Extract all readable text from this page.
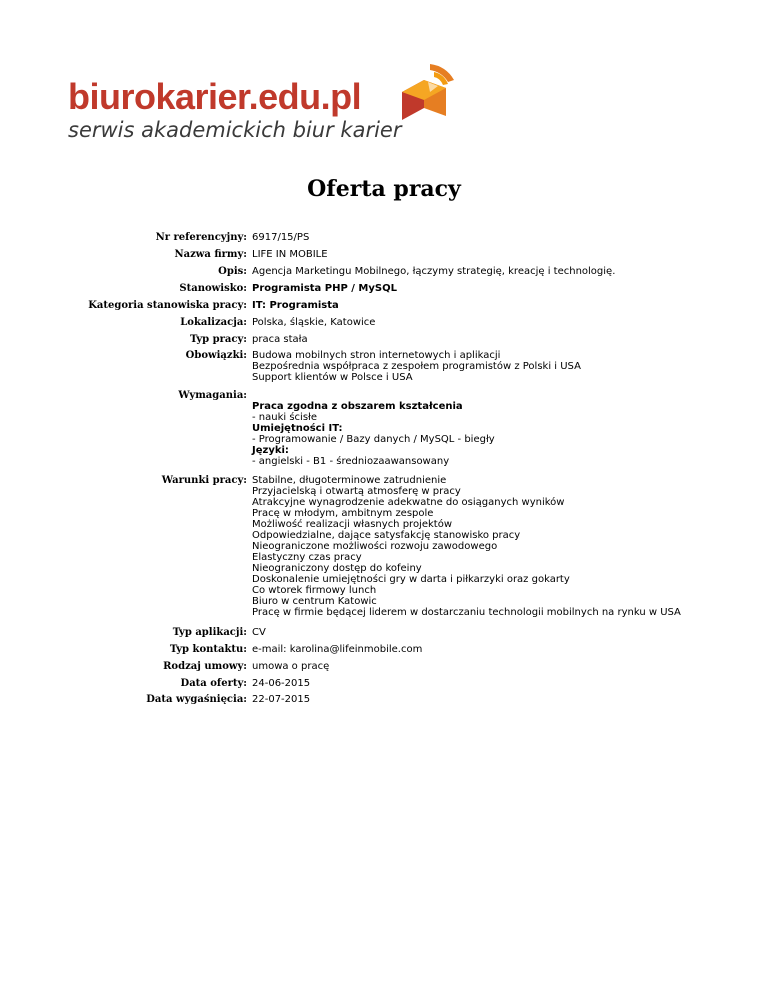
biurokarier.edu.pl
serwis akademickich biur karier
Oferta pracy
Nr referencyjny: 6917/15/PS
Nazwa firmy: LIFE IN MOBILE
Opis: Agencja Marketingu Mobilnego, łączymy strategię, kreację i technologię.
Stanowisko: Programista PHP / MySQL
Kategoria stanowiska pracy: IT: Programista
Lokalizacja: Polska, śląskie, Katowice
Typ pracy: praca stała
Obowiązki: Budowa mobilnych stron internetowych i aplikacji
Bezpośrednia współpraca z zespołem programistów z Polski i USA
Support klientów w Polsce i USA
Wymagania:
Praca zgodna z obszarem kształcenia
- nauki ścisłe
Umiejętności IT:
- Programowanie / Bazy danych / MySQL - biegły
Języki:
- angielski - B1 - średniozaawansowany
Warunki pracy: Stabilne, długoterminowe zatrudnienie
Przyjacielską i otwartą atmosferę w pracy
Atrakcyjne wynagrodzenie adekwatne do osiąganych wyników
Pracę w młodym, ambitnym zespole
Możliwość realizacji własnych projektów
Odpowiedzialne, dające satysfakcję stanowisko pracy
Nieograniczone możliwości rozwoju zawodowego
Elastyczny czas pracy
Nieograniczony dostęp do kofeiny
Doskonalenie umiejętności gry w darta i piłkarzyki oraz gokarty
Co wtorek firmowy lunch
Biuro w centrum Katowic
Pracę w firmie będącej liderem w dostarczaniu technologii mobilnych na rynku w USA
Typ aplikacji: CV
Typ kontaktu: e-mail: karolina@lifeinmobile.com
Rodzaj umowy: umowa o pracę
Data oferty: 24-06-2015
Data wygaśnięcia: 22-07-2015
